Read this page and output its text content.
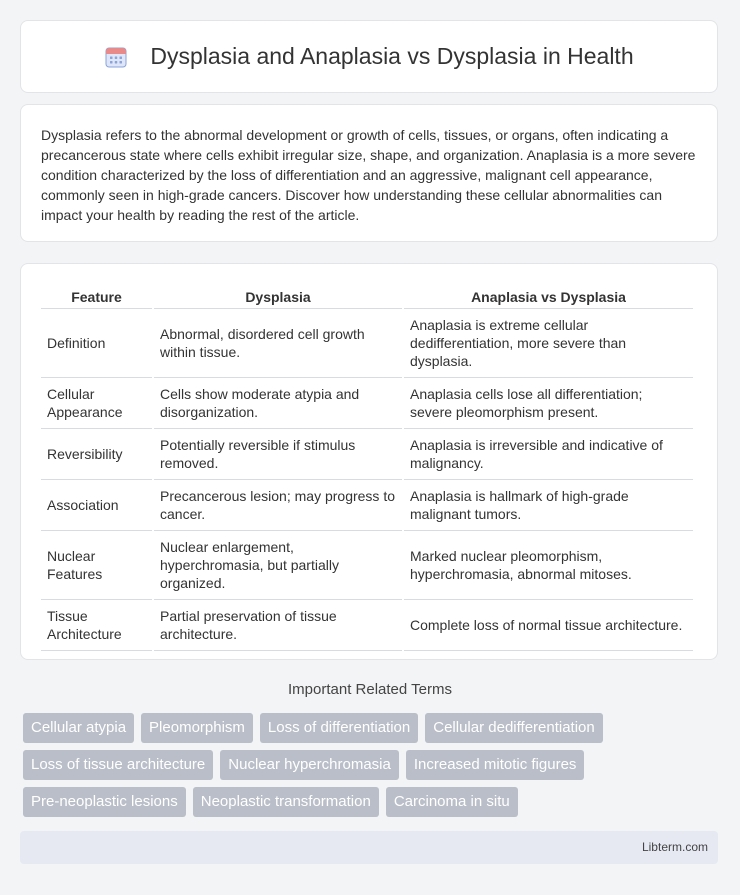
Dysplasia and Anaplasia vs Dysplasia in Health

Dysplasia refers to the abnormal development or growth of cells, tissues, or organs, often indicating a precancerous state where cells exhibit irregular size, shape, and organization. Anaplasia is a more severe condition characterized by the loss of differentiation and an aggressive, malignant cell appearance, commonly seen in high-grade cancers. Discover how understanding these cellular abnormalities can impact your health by reading the rest of the article.

Feature	Dysplasia	Anaplasia vs Dysplasia
Definition	Abnormal, disordered cell growth within tissue.	Anaplasia is extreme cellular dedifferentiation, more severe than dysplasia.
Cellular Appearance	Cells show moderate atypia and disorganization.	Anaplasia cells lose all differentiation; severe pleomorphism present.
Reversibility	Potentially reversible if stimulus removed.	Anaplasia is irreversible and indicative of malignancy.
Association	Precancerous lesion; may progress to cancer.	Anaplasia is hallmark of high-grade malignant tumors.
Nuclear Features	Nuclear enlargement, hyperchromasia, but partially organized.	Marked nuclear pleomorphism, hyperchromasia, abnormal mitoses.
Tissue Architecture	Partial preservation of tissue architecture.	Complete loss of normal tissue architecture.
Important Related Terms
Cellular atypia	Pleomorphism	Loss of differentiation	Cellular dedifferentiation
Loss of tissue architecture	Nuclear hyperchromasia	Increased mitotic figures
Pre-neoplastic lesions	Neoplastic transformation	Carcinoma in situ
Libterm.com
